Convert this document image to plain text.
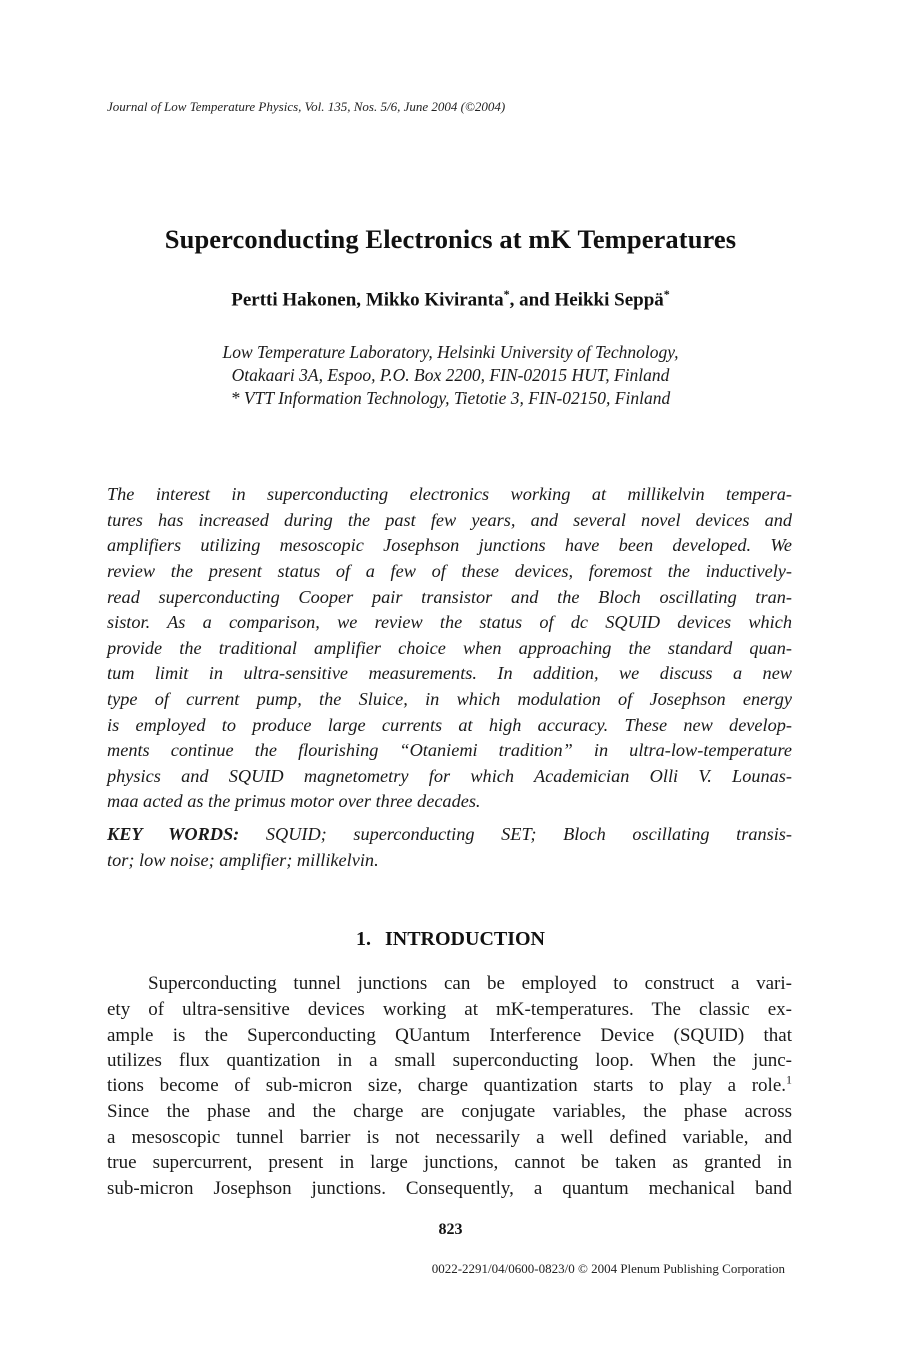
Journal of Low Temperature Physics, Vol. 135, Nos. 5/6, June 2004 (©2004)
Superconducting Electronics at mK Temperatures
Pertti Hakonen, Mikko Kiviranta*, and Heikki Seppä*
Low Temperature Laboratory, Helsinki University of Technology,
Otakaari 3A, Espoo, P.O. Box 2200, FIN-02015 HUT, Finland
* VTT Information Technology, Tietotie 3, FIN-02150, Finland
The interest in superconducting electronics working at millikelvin tempera-
tures has increased during the past few years, and several novel devices and
amplifiers utilizing mesoscopic Josephson junctions have been developed. We
review the present status of a few of these devices, foremost the inductively-
read superconducting Cooper pair transistor and the Bloch oscillating tran-
sistor. As a comparison, we review the status of dc SQUID devices which
provide the traditional amplifier choice when approaching the standard quan-
tum limit in ultra-sensitive measurements. In addition, we discuss a new
type of current pump, the Sluice, in which modulation of Josephson energy
is employed to produce large currents at high accuracy. These new develop-
ments continue the flourishing “Otaniemi tradition” in ultra-low-temperature
physics and SQUID magnetometry for which Academician Olli V. Lounas-
maa acted as the primus motor over three decades.
KEY WORDS: SQUID; superconducting SET; Bloch oscillating transis-
tor; low noise; amplifier; millikelvin.
1. INTRODUCTION
Superconducting tunnel junctions can be employed to construct a vari-
ety of ultra-sensitive devices working at mK-temperatures. The classic ex-
ample is the Superconducting QUantum Interference Device (SQUID) that
utilizes flux quantization in a small superconducting loop. When the junc-
tions become of sub-micron size, charge quantization starts to play a role.$^1$
Since the phase and the charge are conjugate variables, the phase across
a mesoscopic tunnel barrier is not necessarily a well defined variable, and
true supercurrent, present in large junctions, cannot be taken as granted in
sub-micron Josephson junctions. Consequently, a quantum mechanical band
823
0022-2291/04/0600-0823/0 © 2004 Plenum Publishing Corporation
